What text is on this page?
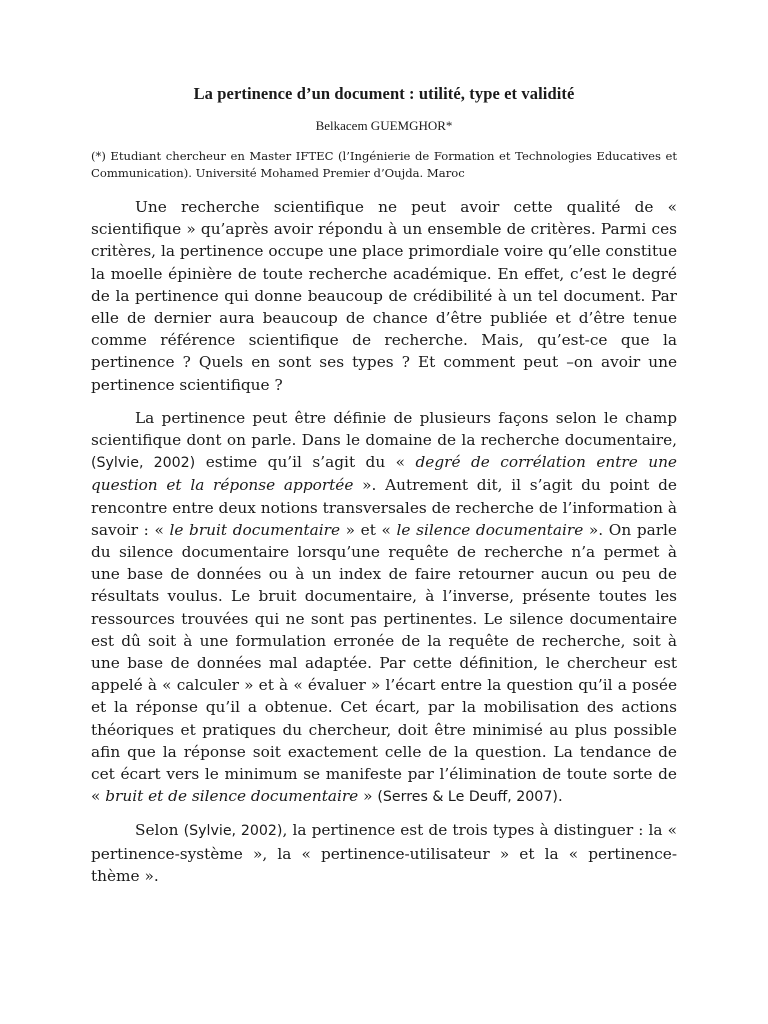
La pertinence d’un document : utilité, type et validité

Belkacem GUEMGHOR*

(*) Etudiant chercheur en Master IFTEC (l’Ingénierie de Formation et Technologies Educatives et Communication). Université Mohamed Premier d’Oujda. Maroc

Une recherche scientifique ne peut avoir cette qualité de « scientifique » qu’après avoir répondu à un ensemble de critères. Parmi ces critères, la pertinence occupe une place primordiale voire qu’elle constitue la moelle épinière de toute recherche académique. En effet, c’est le degré de la pertinence qui donne beaucoup de crédibilité à un tel document. Par elle de dernier aura beaucoup de chance d’être publiée et d’être tenue comme référence scientifique de recherche. Mais, qu’est-ce que la pertinence ? Quels en sont ses types ? Et comment peut –on avoir une pertinence scientifique ?

La pertinence peut être définie de plusieurs façons selon le champ scientifique dont on parle. Dans le domaine de la recherche documentaire, (Sylvie, 2002) estime qu’il s’agit du « degré de corrélation entre une question et la réponse apportée ». Autrement dit, il s’agit du point de rencontre entre deux notions transversales de recherche de l’information à savoir : « le bruit documentaire » et « le silence documentaire ». On parle du silence documentaire lorsqu’une requête de recherche n’a permet à une base de données ou à un index de faire retourner aucun ou peu de résultats voulus. Le bruit documentaire, à l’inverse, présente toutes les ressources trouvées qui ne sont pas pertinentes. Le silence documentaire est dû soit à une formulation erronée de la requête de recherche, soit à une base de données mal adaptée. Par cette définition, le chercheur est appelé à « calculer » et à « évaluer » l’écart entre la question qu’il a posée et la réponse qu’il a obtenue. Cet écart, par la mobilisation des actions théoriques et pratiques du chercheur, doit être minimisé au plus possible afin que la réponse soit exactement celle de la question. La tendance de cet écart vers le minimum se manifeste par l’élimination de toute sorte de « bruit et de silence documentaire » (Serres & Le Deuff, 2007).

Selon (Sylvie, 2002), la pertinence est de trois types à distinguer : la « pertinence-système », la « pertinence-utilisateur » et la « pertinence-thème ».
